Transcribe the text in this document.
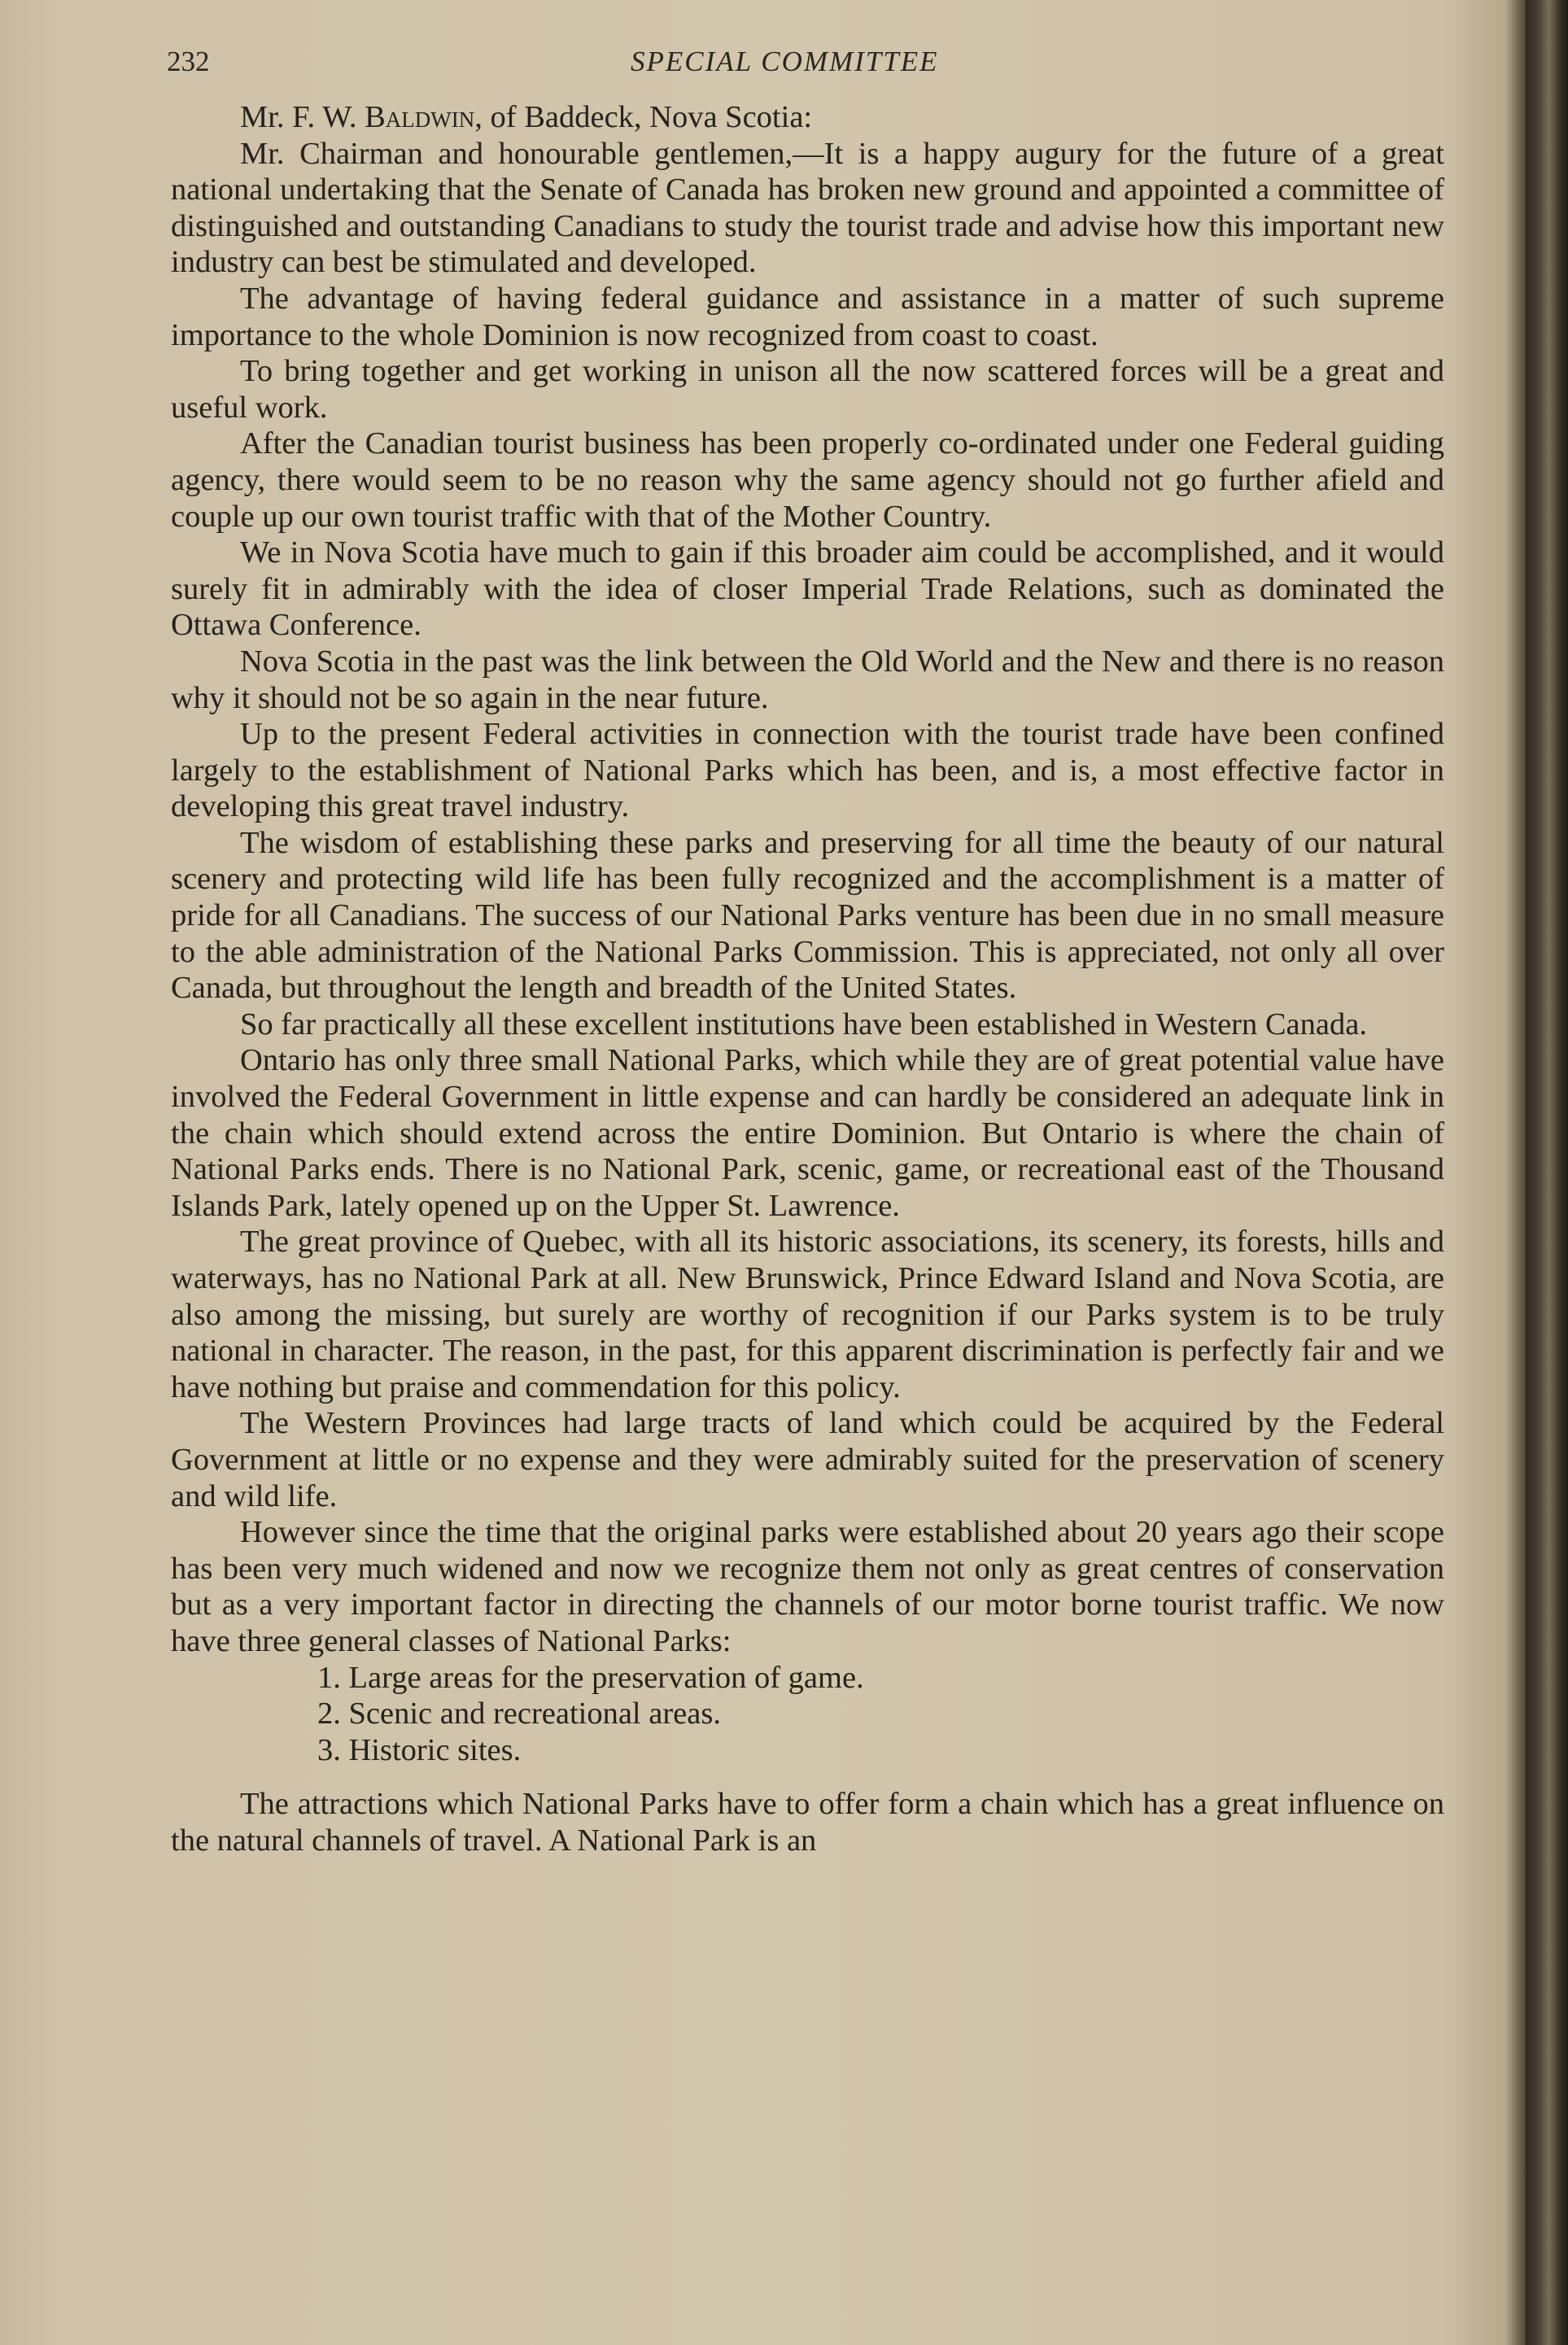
232	SPECIAL COMMITTEE

Mr. F. W. Baldwin, of Baddeck, Nova Scotia:

Mr. Chairman and honourable gentlemen,—It is a happy augury for the future of a great national undertaking that the Senate of Canada has broken new ground and appointed a committee of distinguished and outstanding Canadians to study the tourist trade and advise how this important new industry can best be stimulated and developed.

The advantage of having federal guidance and assistance in a matter of such supreme importance to the whole Dominion is now recognized from coast to coast.

To bring together and get working in unison all the now scattered forces will be a great and useful work.

After the Canadian tourist business has been properly co-ordinated under one Federal guiding agency, there would seem to be no reason why the same agency should not go further afield and couple up our own tourist traffic with that of the Mother Country.

We in Nova Scotia have much to gain if this broader aim could be accomplished, and it would surely fit in admirably with the idea of closer Imperial Trade Relations, such as dominated the Ottawa Conference.

Nova Scotia in the past was the link between the Old World and the New and there is no reason why it should not be so again in the near future.

Up to the present Federal activities in connection with the tourist trade have been confined largely to the establishment of National Parks which has been, and is, a most effective factor in developing this great travel industry.

The wisdom of establishing these parks and preserving for all time the beauty of our natural scenery and protecting wild life has been fully recognized and the accomplishment is a matter of pride for all Canadians. The success of our National Parks venture has been due in no small measure to the able administration of the National Parks Commission. This is appreciated, not only all over Canada, but throughout the length and breadth of the United States.

So far practically all these excellent institutions have been established in Western Canada.

Ontario has only three small National Parks, which while they are of great potential value have involved the Federal Government in little expense and can hardly be considered an adequate link in the chain which should extend across the entire Dominion. But Ontario is where the chain of National Parks ends. There is no National Park, scenic, game, or recreational east of the Thousand Islands Park, lately opened up on the Upper St. Lawrence.

The great province of Quebec, with all its historic associations, its scenery, its forests, hills and waterways, has no National Park at all. New Brunswick, Prince Edward Island and Nova Scotia, are also among the missing, but surely are worthy of recognition if our Parks system is to be truly national in character. The reason, in the past, for this apparent discrimination is perfectly fair and we have nothing but praise and commendation for this policy.

The Western Provinces had large tracts of land which could be acquired by the Federal Government at little or no expense and they were admirably suited for the preservation of scenery and wild life.

However since the time that the original parks were established about 20 years ago their scope has been very much widened and now we recognize them not only as great centres of conservation but as a very important factor in directing the channels of our motor borne tourist traffic. We now have three general classes of National Parks:

1. Large areas for the preservation of game.
2. Scenic and recreational areas.
3. Historic sites.

The attractions which National Parks have to offer form a chain which has a great influence on the natural channels of travel. A National Park is an
